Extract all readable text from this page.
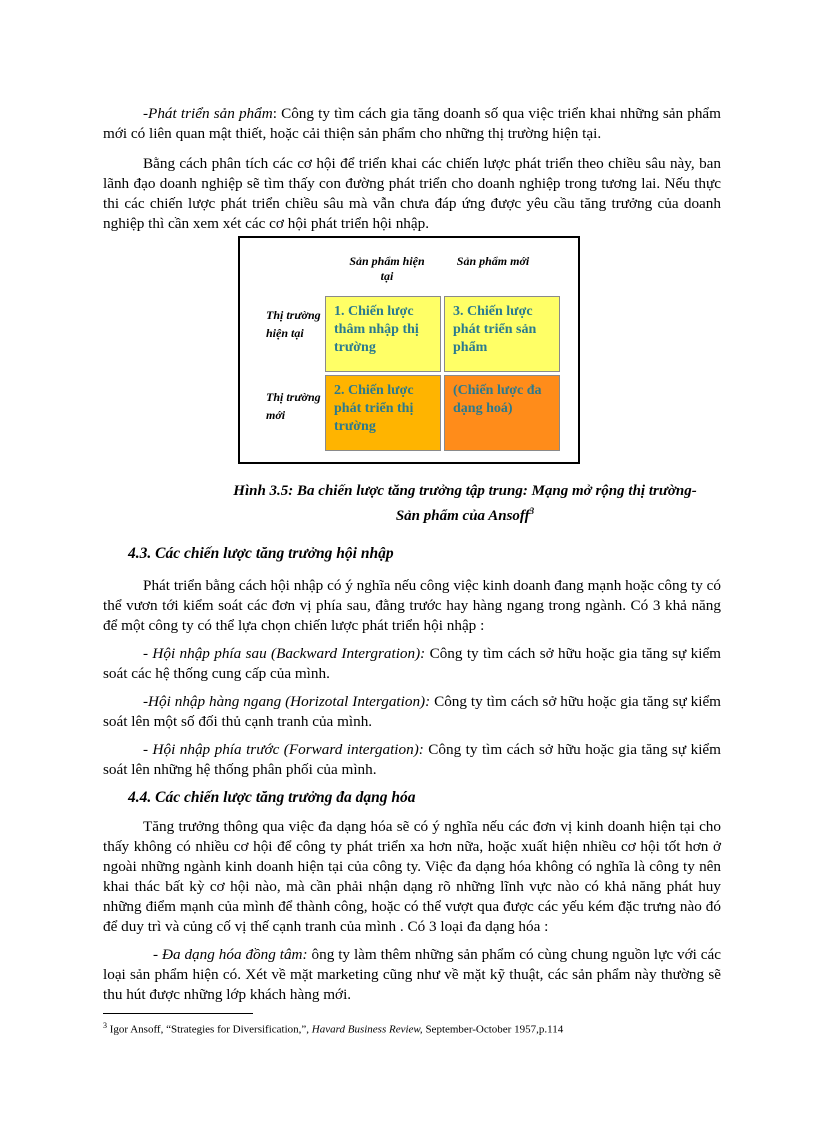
-Phát triển sản phẩm: Công ty tìm cách gia tăng doanh số qua việc triển khai những sản phẩm mới có liên quan mật thiết, hoặc cải thiện sản phẩm cho những thị trường hiện tại.

Bằng cách phân tích các cơ hội để triển khai các chiến lược phát triển theo chiều sâu này, ban lãnh đạo doanh nghiệp sẽ tìm thấy con đường phát triển cho doanh nghiệp trong tương lai. Nếu thực thi các chiến lược phát triển chiều sâu mà vẫn chưa đáp ứng được yêu cầu tăng trưởng của doanh nghiệp thì cần xem xét các cơ hội phát triển hội nhập.

Sản phẩm hiện tại
Sản phẩm mới
Thị trường hiện tại
Thị trường mới
1. Chiến lược thâm nhập thị trường
3. Chiến lược phát triển sản phẩm
2. Chiến lược phát triển thị trường
(Chiến lược đa dạng hoá)
Hình 3.5: Ba chiến lược tăng trưởng tập trung: Mạng mở rộng thị trường-
Sản phẩm của Ansoff$^3$

4.3. Các chiến lược tăng trưởng hội nhập

Phát triển bằng cách hội nhập có ý nghĩa nếu công việc kinh doanh đang mạnh hoặc công ty có thể vươn tới kiểm soát các đơn vị phía sau, đằng trước hay hàng ngang trong ngành. Có 3 khả năng để một công ty có thể lựa chọn chiến lược phát triển hội nhập :

- Hội nhập phía sau (Backward Intergration): Công ty tìm cách sở hữu hoặc gia tăng sự kiểm soát các hệ thống cung cấp của mình.

-Hội nhập hàng ngang (Horizotal Intergation): Công ty tìm cách sở hữu hoặc gia tăng sự kiểm soát lên một số đối thủ cạnh tranh của mình.

- Hội nhập phía trước (Forward intergation): Công ty tìm cách sở hữu hoặc gia tăng sự kiểm soát lên những hệ thống phân phối của mình.

4.4. Các chiến lược tăng trưởng đa dạng hóa

Tăng trưởng thông qua việc đa dạng hóa sẽ có ý nghĩa nếu các đơn vị kinh doanh hiện tại cho thấy không có nhiều cơ hội để công ty phát triển xa hơn nữa, hoặc xuất hiện nhiều cơ hội tốt hơn ở ngoài những ngành kinh doanh hiện tại của công ty. Việc đa dạng hóa không có nghĩa là công ty nên khai thác bất kỳ cơ hội nào, mà cần phải nhận dạng rõ những lĩnh vực nào có khả năng phát huy những điểm mạnh của mình để thành công, hoặc có thể vượt qua được các yếu kém đặc trưng nào đó để duy trì và củng cố vị thế cạnh tranh của mình . Có 3 loại đa dạng hóa :

- Đa dạng hóa đồng tâm: ông ty làm thêm những sản phẩm có cùng chung nguồn lực với các loại sản phẩm hiện có. Xét về mặt marketing cũng như về mặt kỹ thuật, các sản phẩm này thường sẽ thu hút được những lớp khách hàng mới.

$^3$ Igor Ansoff, “Strategies for Diversification,”, Havard Business Review, September-October 1957,p.114
